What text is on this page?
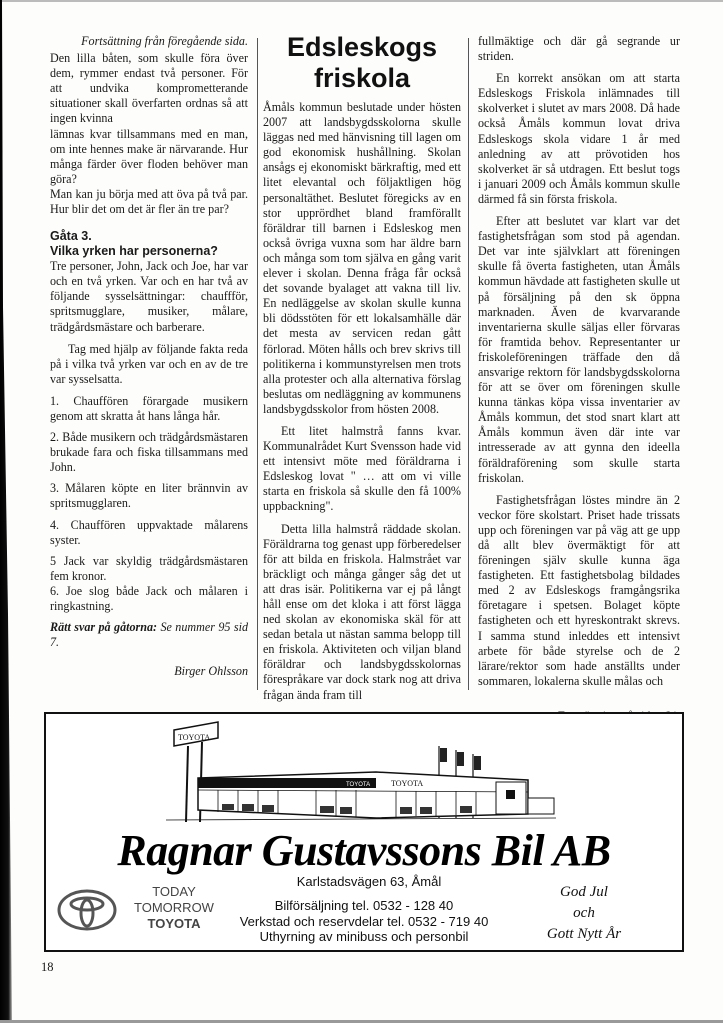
Fortsättning från föregående sida.

Den lilla båten, som skulle föra över dem, rymmer endast två personer. För att undvika komprometterande situationer skall överfarten ordnas så att ingen kvinna

lämnas kvar tillsammans med en man, om inte hennes make är närvarande. Hur många färder över floden behöver man göra?

Man kan ju börja med att öva på två par. Hur blir det om det är fler än tre par?

Gåta 3.

Vilka yrken har personerna?

Tre personer, John, Jack och Joe, har var och en två yrken. Var och en har två av följande sysselsättningar: chauffför, spritsmugglare, musiker, målare, trädgårdsmästare och barberare.

Tag med hjälp av följande fakta reda på i vilka två yrken var och en av de tre var sysselsatta.

1. Chauffören förargade musikern genom att skratta åt hans långa hår.

2. Både musikern och trädgårdsmästaren brukade fara och fiska tillsammans med John.

3. Målaren köpte en liter brännvin av spritsmugglaren.

4. Chauffören uppvaktade målarens syster.

5 Jack var skyldig trädgårdsmästaren fem kronor.

6. Joe slog både Jack och målaren i ringkastning.

Rätt svar på gåtorna: Se nummer 95 sid 7.

Birger Ohlsson

Edsleskogs friskola

Åmåls kommun beslutade under hösten 2007 att landsbygdsskolorna skulle läggas ned med hänvisning till lagen om god ekonomisk hushållning. Skolan ansågs ej ekonomiskt bärkraftig, med ett litet elevantal och följaktligen hög personaltäthet. Beslutet föregicks av en stor upprördhet bland framförallt föräldrar till barnen i Edsleskog men också övriga vuxna som har äldre barn och många som tom själva en gång varit elever i skolan. Denna fråga får också det sovande byalaget att vakna till liv. En nedläggelse av skolan skulle kunna bli dödsstöten för ett lokalsamhälle där det mesta av servicen redan gått förlorad. Möten hålls och brev skrivs till politikerna i kommunstyrelsen men trots alla protester och alla alternativa förslag beslutas om nedläggning av kommunens landsbygdsskolor from hösten 2008.

Ett litet halmstrå fanns kvar. Kommunalrådet Kurt Svensson hade vid ett intensivt möte med föräldrarna i Edsleskog lovat " … att om vi ville starta en friskola så skulle den få 100% uppbackning".

Detta lilla halmstrå räddade skolan. Föräldrarna tog genast upp förberedelser för att bilda en friskola. Halmstrået var bräckligt och många gånger såg det ut att dras isär. Politikerna var ej på långt håll ense om det kloka i att först lägga ned skolan av ekonomiska skäl för att sedan betala ut nästan samma belopp till en friskola. Aktiviteten och viljan bland föräldrar och landsbygdsskolornas förespråkare var dock stark nog att driva frågan ända fram till

fullmäktige och där gå segrande ur striden.

En korrekt ansökan om att starta Edsleskogs Friskola inlämnades till skolverket i slutet av mars 2008. Då hade också Åmåls kommun lovat driva Edsleskogs skola vidare 1 år med anledning av att prövotiden hos skolverket är så utdragen. Ett beslut togs i januari 2009 och Åmåls kommun skulle därmed få sin första friskola.

Efter att beslutet var klart var det fastighetsfrågan som stod på agendan. Det var inte självklart att föreningen skulle få överta fastigheten, utan Åmåls kommun hävdade att fastigheten skulle ut på försäljning på den sk öppna marknaden. Även de kvarvarande inventarierna skulle säljas eller förvaras för framtida behov. Representanter ur friskoleföreningen träffade den då ansvarige rektorn för landsbygdsskolorna för att se över om föreningen skulle kunna tänkas köpa vissa inventarier av Åmåls kommun, det stod snart klart att Åmåls kommun även där inte var intresserade av att gynna den ideella föräldraförening som skulle starta friskolan.

Fastighetsfrågan löstes mindre än 2 veckor före skolstart. Priset hade trissats upp och föreningen var på väg att ge upp då allt blev övermäktigt för att föreningen själv skulle kunna äga fastigheten. Ett fastighetsbolag bildades med 2 av Edsleskogs framgångsrika företagare i spetsen. Bolaget köpte fastigheten och ett hyreskontrakt skrevs. I samma stund inleddes ett intensivt arbete för både styrelse och de 2 lärare/rektor som hade anställts under sommaren, lokalerna skulle målas och

TOYOTA
TOYOTA	TOYOTA
Ragnar Gustavssons Bil AB
Karlstadsvägen 63, Åmål
TODAY
TOMORROW
TOYOTA
Bilförsäljning tel. 0532 - 128 40
Verkstad och reservdelar tel. 0532 - 719 40
Uthyrning av minibuss och personbil
God Jul
och
Gott Nytt År
18
